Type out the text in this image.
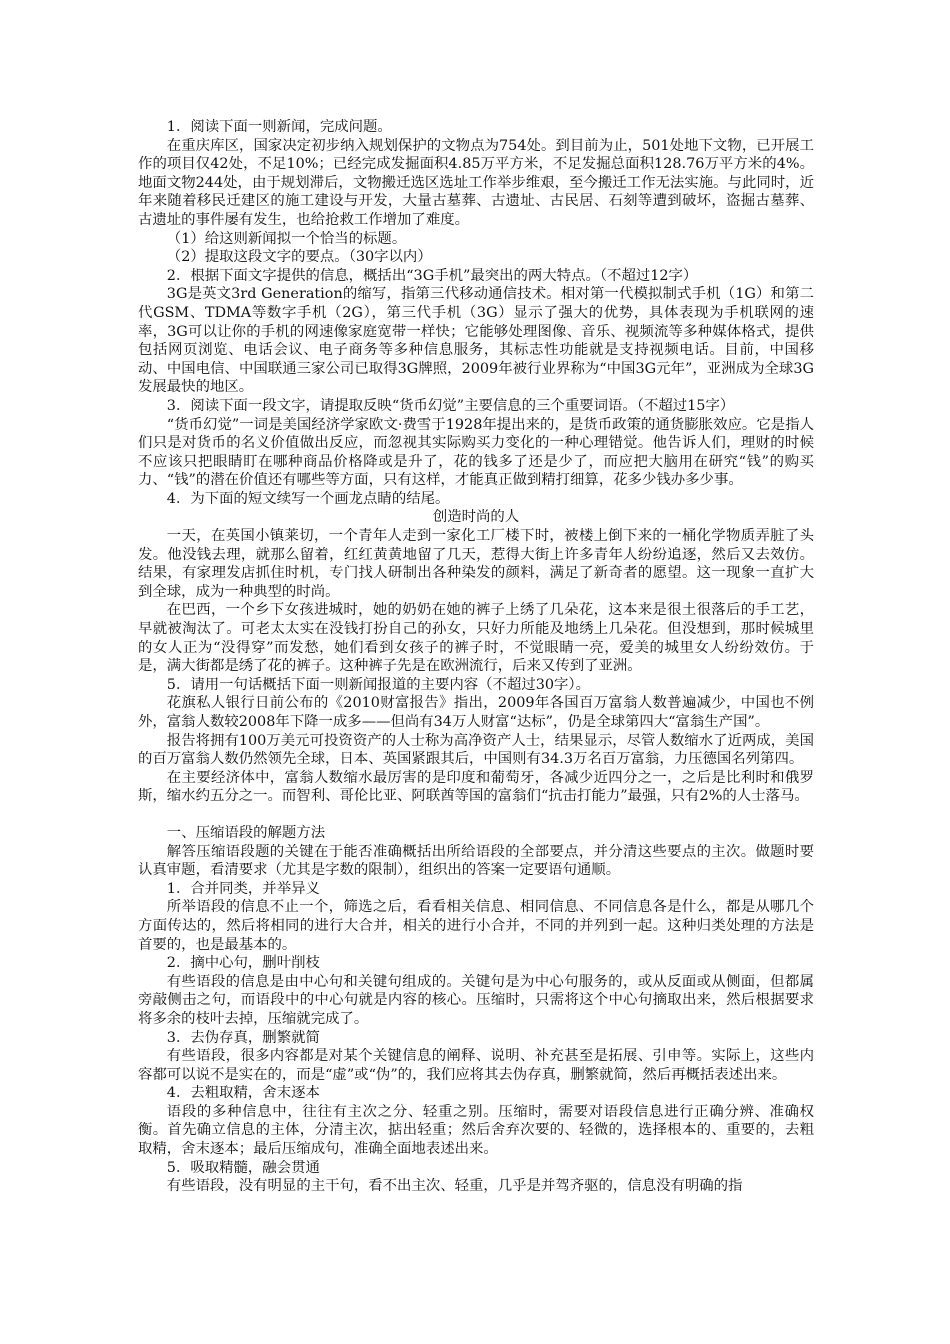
1．阅读下面一则新闻，完成问题。

在重庆库区，国家决定初步纳入规划保护的文物点为754处。到目前为止，501处地下文物，已开展工作的项目仅42处，不足10%；已经完成发掘面积4.85万平方米，不足发掘总面积128.76万平方米的4%。地面文物244处，由于规划滞后，文物搬迁选区选址工作举步维艰，至今搬迁工作无法实施。与此同时，近年来随着移民迁建区的施工建设与开发，大量古墓葬、古遗址、古民居、石刻等遭到破坏，盗掘古墓葬、古遗址的事件屡有发生，也给抢救工作增加了难度。

（1）给这则新闻拟一个恰当的标题。

（2）提取这段文字的要点。（30字以内）

2．根据下面文字提供的信息，概括出“3G手机”最突出的两大特点。（不超过12字）

3G是英文3rd Generation的缩写，指第三代移动通信技术。相对第一代模拟制式手机（1G）和第二代GSM、TDMA等数字手机（2G），第三代手机（3G）显示了强大的优势，具体表现为手机联网的速率，3G可以让你的手机的网速像家庭宽带一样快；它能够处理图像、音乐、视频流等多种媒体格式，提供包括网页浏览、电话会议、电子商务等多种信息服务，其标志性功能就是支持视频电话。目前，中国移动、中国电信、中国联通三家公司已取得3G牌照，2009年被行业界称为“中国3G元年”，亚洲成为全球3G发展最快的地区。

3．阅读下面一段文字，请提取反映“货币幻觉”主要信息的三个重要词语。（不超过15字）

“货币幻觉”一词是美国经济学家欧文·费雪于1928年提出来的，是货币政策的通货膨胀效应。它是指人们只是对货币的名义价值做出反应，而忽视其实际购买力变化的一种心理错觉。他告诉人们，理财的时候不应该只把眼睛盯在哪种商品价格降或是升了，花的钱多了还是少了，而应把大脑用在研究“钱”的购买力、“钱”的潜在价值还有哪些等方面，只有这样，才能真正做到精打细算，花多少钱办多少事。

4．为下面的短文续写一个画龙点睛的结尾。

创造时尚的人

一天，在英国小镇莱切，一个青年人走到一家化工厂楼下时，被楼上倒下来的一桶化学物质弄脏了头发。他没钱去理，就那么留着，红红黄黄地留了几天，惹得大街上许多青年人纷纷追逐，然后又去效仿。结果，有家理发店抓住时机，专门找人研制出各种染发的颜料，满足了新奇者的愿望。这一现象一直扩大到全球，成为一种典型的时尚。

在巴西，一个乡下女孩进城时，她的奶奶在她的裤子上绣了几朵花，这本来是很土很落后的手工艺，早就被淘汰了。可老太太实在没钱打扮自己的孙女，只好力所能及地绣上几朵花。但没想到，那时候城里的女人正为“没得穿”而发愁，她们看到女孩子的裤子时，不觉眼睛一亮，爱美的城里女人纷纷效仿。于是，满大街都是绣了花的裤子。这种裤子先是在欧洲流行，后来又传到了亚洲。

5．请用一句话概括下面一则新闻报道的主要内容（不超过30字）。

花旗私人银行日前公布的《2010财富报告》指出，2009年各国百万富翁人数普遍减少，中国也不例外，富翁人数较2008年下降一成多——但尚有34万人财富“达标”，仍是全球第四大“富翁生产国”。

报告将拥有100万美元可投资资产的人士称为高净资产人士，结果显示，尽管人数缩水了近两成，美国的百万富翁人数仍然领先全球，日本、英国紧跟其后，中国则有34.3万名百万富翁，力压德国名列第四。

在主要经济体中，富翁人数缩水最厉害的是印度和葡萄牙，各减少近四分之一，之后是比利时和俄罗斯，缩水约五分之一。而智利、哥伦比亚、阿联酋等国的富翁们“抗击打能力”最强，只有2%的人士落马。

一、压缩语段的解题方法

解答压缩语段题的关键在于能否准确概括出所给语段的全部要点，并分清这些要点的主次。做题时要认真审题，看清要求（尤其是字数的限制），组织出的答案一定要语句通顺。

1．合并同类，并举异义

所举语段的信息不止一个，筛选之后，看看相关信息、相同信息、不同信息各是什么，都是从哪几个方面传达的，然后将相同的进行大合并，相关的进行小合并，不同的并列到一起。这种归类处理的方法是首要的，也是最基本的。

2．摘中心句，删叶削枝

有些语段的信息是由中心句和关键句组成的。关键句是为中心句服务的，或从反面或从侧面，但都属旁敲侧击之句，而语段中的中心句就是内容的核心。压缩时，只需将这个中心句摘取出来，然后根据要求将多余的枝叶去掉，压缩就完成了。

3．去伪存真，删繁就简

有些语段，很多内容都是对某个关键信息的阐释、说明、补充甚至是拓展、引申等。实际上，这些内容都可以说不是实在的，而是“虚”或“伪”的，我们应将其去伪存真，删繁就简，然后再概括表述出来。

4．去粗取精，舍末逐本

语段的多种信息中，往往有主次之分、轻重之别。压缩时，需要对语段信息进行正确分辨、准确权衡。首先确立信息的主体，分清主次，掂出轻重；然后舍弃次要的、轻微的，选择根本的、重要的，去粗取精，舍末逐本；最后压缩成句，准确全面地表述出来。

5．吸取精髓，融会贯通

有些语段，没有明显的主干句，看不出主次、轻重，几乎是并驾齐驱的，信息没有明确的指
